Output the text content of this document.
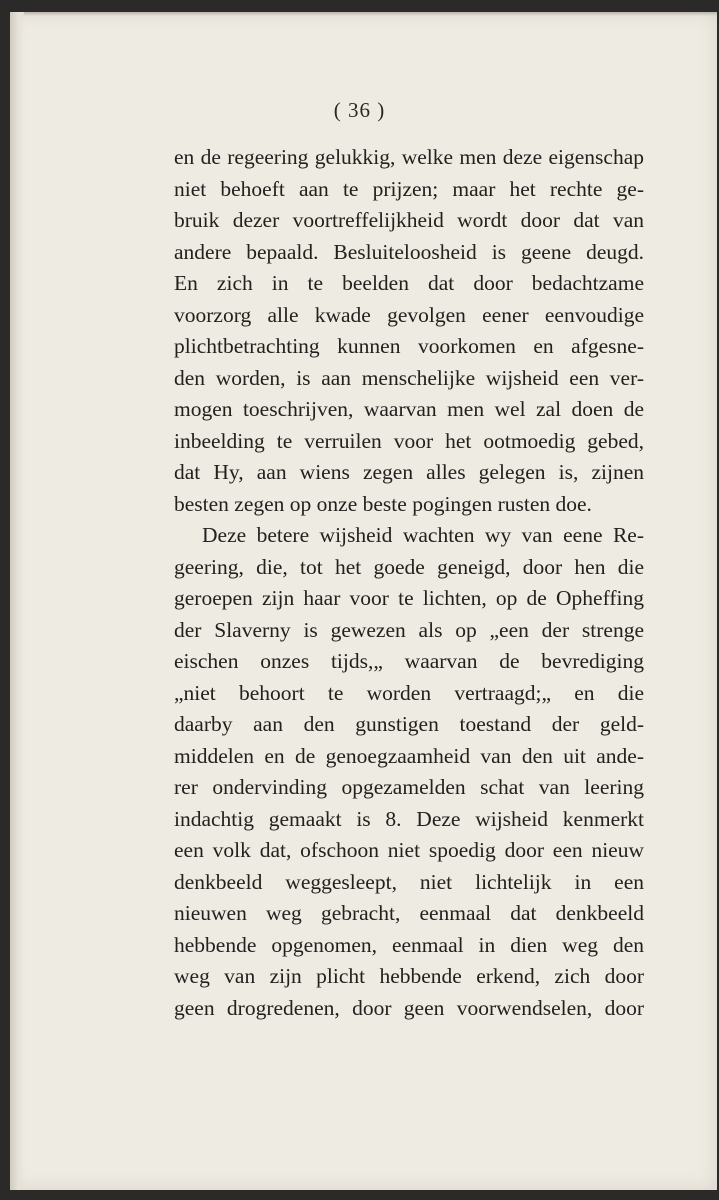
( 36 )
en de regeering gelukkig, welke men deze eigenschap
niet behoeft aan te prijzen; maar het rechte ge-
bruik dezer voortreffelijkheid wordt door dat van
andere bepaald. Besluiteloosheid is geene deugd.
En zich in te beelden dat door bedachtzame
voorzorg alle kwade gevolgen eener eenvoudige
plichtbetrachting kunnen voorkomen en afgesne-
den worden, is aan menschelijke wijsheid een ver-
mogen toeschrijven, waarvan men wel zal doen de
inbeelding te verruilen voor het ootmoedig gebed,
dat Hy, aan wiens zegen alles gelegen is, zijnen
besten zegen op onze beste pogingen rusten doe.
Deze betere wijsheid wachten wy van eene Re-
geering, die, tot het goede geneigd, door hen die
geroepen zijn haar voor te lichten, op de Opheffing
der Slaverny is gewezen als op „een der strenge
eischen onzes tijds,„ waarvan de bevrediging
„niet behoort te worden vertraagd;„ en die
daarby aan den gunstigen toestand der geld-
middelen en de genoegzaamheid van den uit ande-
rer ondervinding opgezamelden schat van leering
indachtig gemaakt is 8. Deze wijsheid kenmerkt
een volk dat, ofschoon niet spoedig door een nieuw
denkbeeld weggesleept, niet lichtelijk in een
nieuwen weg gebracht, eenmaal dat denkbeeld
hebbende opgenomen, eenmaal in dien weg den
weg van zijn plicht hebbende erkend, zich door
geen drogredenen, door geen voorwendselen, door
